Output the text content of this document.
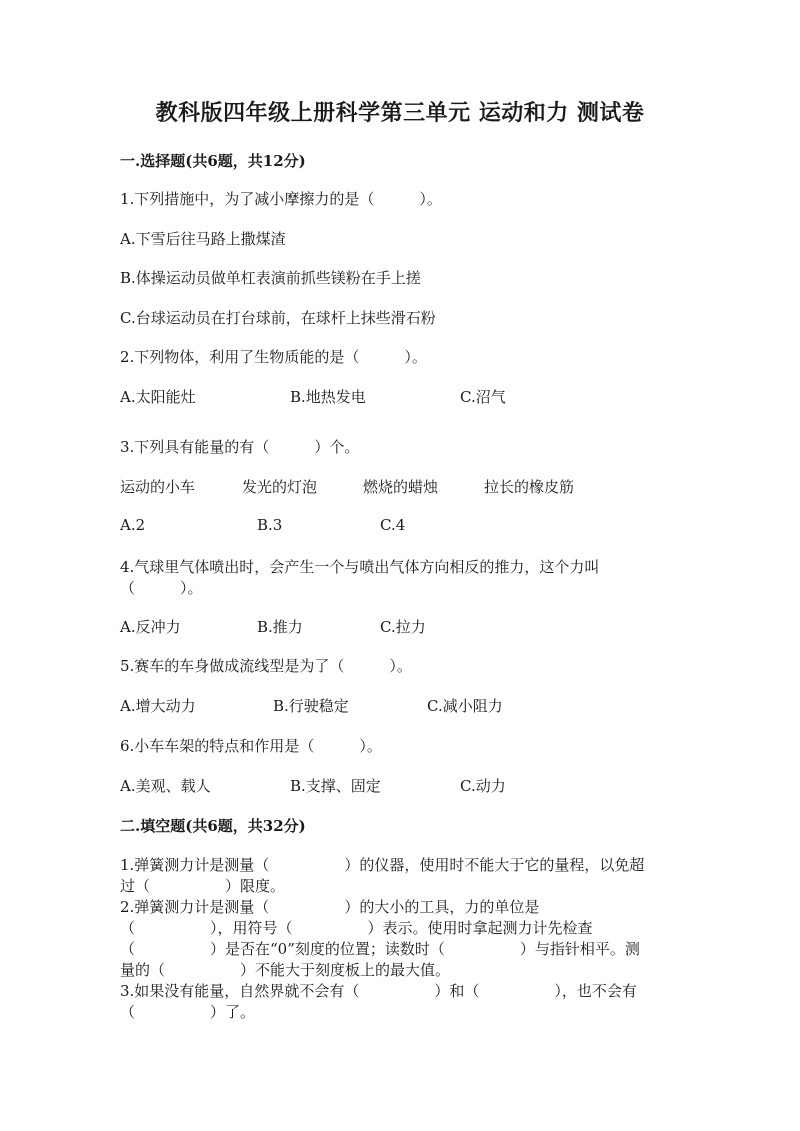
教科版四年级上册科学第三单元 运动和力 测试卷
一.选择题(共6题，共12分)
1.下列措施中，为了减小摩擦力的是（　　　）。
A.下雪后往马路上撒煤渣
B.体操运动员做单杠表演前抓些镁粉在手上搓
C.台球运动员在打台球前，在球杆上抹些滑石粉
2.下列物体，利用了生物质能的是（　　　）。
A.太阳能灶	B.地热发电	C.沼气
3.下列具有能量的有（　　　）个。
运动的小车	发光的灯泡	燃烧的蜡烛	拉长的橡皮筋
A.2	B.3	C.4
4.气球里气体喷出时，会产生一个与喷出气体方向相反的推力，这个力叫
（　　　）。
A.反冲力	B.推力	C.拉力
5.赛车的车身做成流线型是为了（　　　）。
A.增大动力	B.行驶稳定	C.减小阻力
6.小车车架的特点和作用是（　　　）。
A.美观、载人	B.支撑、固定	C.动力
二.填空题(共6题，共32分)
1.弹簧测力计是测量（　　　　　）的仪器，使用时不能大于它的量程，以免超
过（　　　　　）限度。
2.弹簧测力计是测量（　　　　　）的大小的工具，力的单位是
（　　　　　），用符号（　　　　　）表示。使用时拿起测力计先检查
（　　　　　）是否在“0”刻度的位置；读数时（　　　　　）与指针相平。测
量的（　　　　　）不能大于刻度板上的最大值。
3.如果没有能量，自然界就不会有（　　　　　）和（　　　　　），也不会有
（　　　　　）了。
